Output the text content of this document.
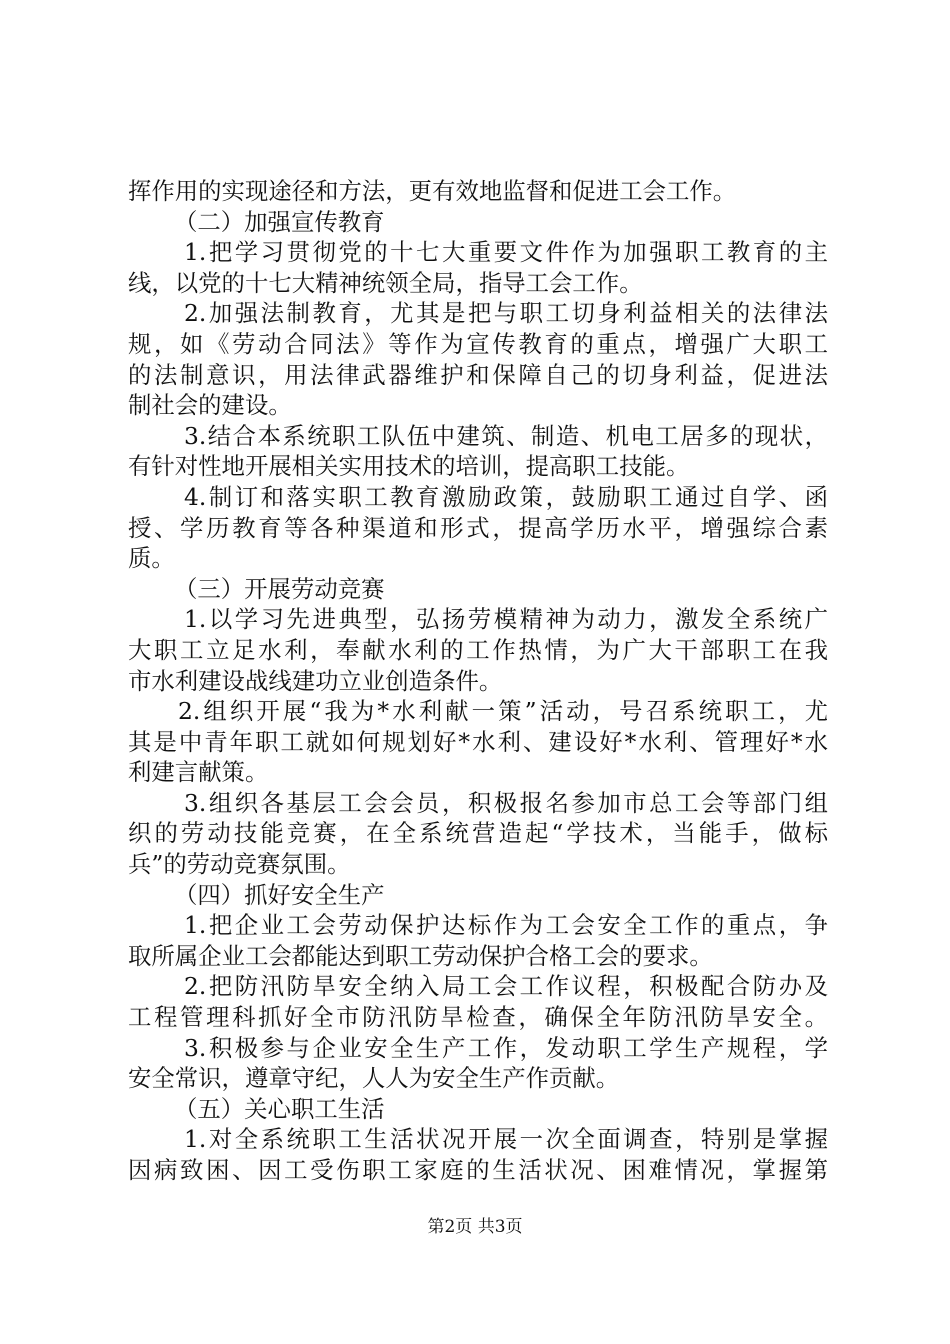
挥作用的实现途径和方法，更有效地监督和促进工会工作。
（二）加强宣传教育
1.把学习贯彻党的十七大重要文件作为加强职工教育的主
线，以党的十七大精神统领全局，指导工会工作。
2.加强法制教育，尤其是把与职工切身利益相关的法律法
规，如《劳动合同法》等作为宣传教育的重点，增强广大职工
的法制意识，用法律武器维护和保障自己的切身利益，促进法
制社会的建设。
3.结合本系统职工队伍中建筑、制造、机电工居多的现状，
有针对性地开展相关实用技术的培训，提高职工技能。
4.制订和落实职工教育激励政策，鼓励职工通过自学、函
授、学历教育等各种渠道和形式，提高学历水平，增强综合素
质。
（三）开展劳动竞赛
1.以学习先进典型，弘扬劳模精神为动力，激发全系统广
大职工立足水利，奉献水利的工作热情，为广大干部职工在我
市水利建设战线建功立业创造条件。
2.组织开展“我为*水利献一策”活动，号召系统职工，尤
其是中青年职工就如何规划好*水利、建设好*水利、管理好*水
利建言献策。
3.组织各基层工会会员，积极报名参加市总工会等部门组
织的劳动技能竞赛，在全系统营造起“学技术，当能手，做标
兵”的劳动竞赛氛围。
（四）抓好安全生产
1.把企业工会劳动保护达标作为工会安全工作的重点，争
取所属企业工会都能达到职工劳动保护合格工会的要求。
2.把防汛防旱安全纳入局工会工作议程，积极配合防办及
工程管理科抓好全市防汛防旱检查，确保全年防汛防旱安全。
3.积极参与企业安全生产工作，发动职工学生产规程，学
安全常识，遵章守纪，人人为安全生产作贡献。
（五）关心职工生活
1.对全系统职工生活状况开展一次全面调查，特别是掌握
因病致困、因工受伤职工家庭的生活状况、困难情况，掌握第
第2页 共3页
